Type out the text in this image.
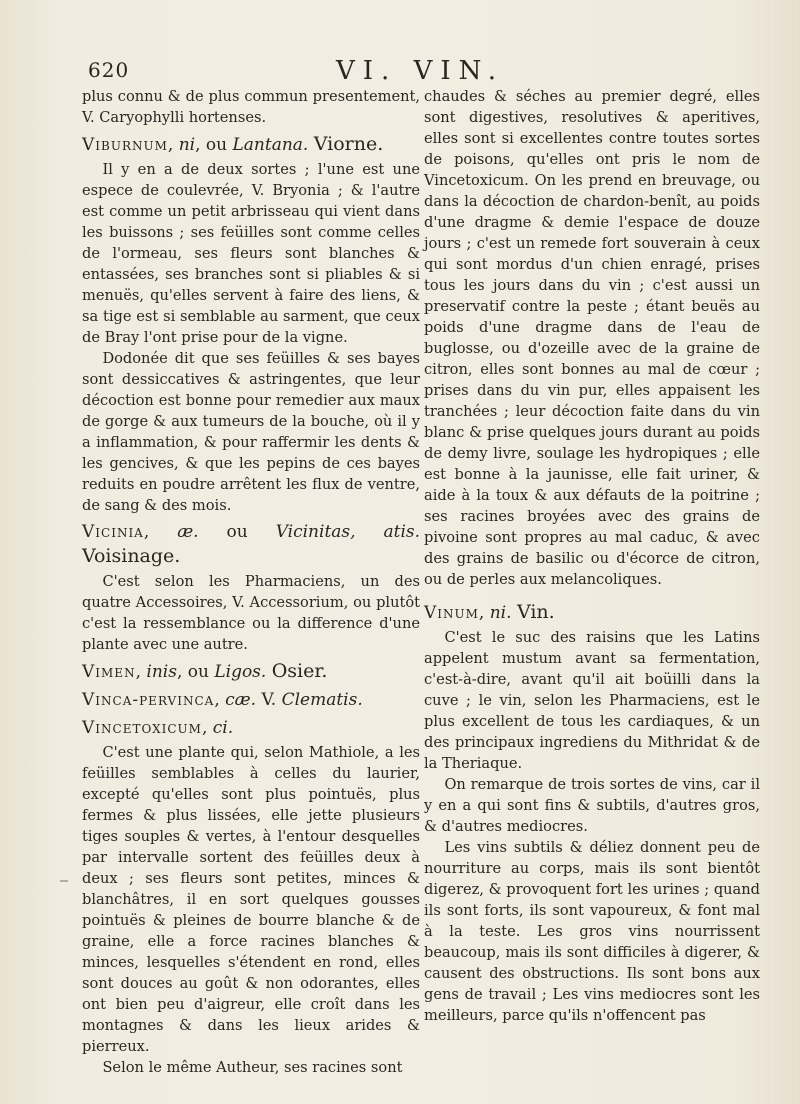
620	VI. VIN.

plus connu & de plus commun presentement, V. Caryophylli hortenses.

Viburnum, ni, ou Lantana. Viorne.

Il y en a de deux sortes ; l'une est une espece de coulevrée, V. Bryonia ; & l'autre est comme un petit arbrisseau qui vient dans les buissons ; ses feüilles sont comme celles de l'ormeau, ses fleurs sont blanches & entassées, ses branches sont si pliables & si menuës, qu'elles servent à faire des liens, & sa tige est si semblable au sarment, que ceux de Bray l'ont prise pour de la vigne.

Dodonée dit que ses feüilles & ses bayes sont dessiccatives & astringentes, que leur décoction est bonne pour remedier aux maux de gorge & aux tumeurs de la bouche, où il y a inflammation, & pour raffermir les dents & les gencives, & que les pepins de ces bayes reduits en poudre arrêtent les flux de ventre, de sang & des mois.

Vicinia, æ. ou Vicinitas, atis. Voisinage.

C'est selon les Pharmaciens, un des quatre Accessoires, V. Accessorium, ou plutôt c'est la ressemblance ou la difference d'une plante avec une autre.

Vimen, inis, ou Ligos. Osier.
Vinca-pervinca, cæ. V. Clematis.
Vincetoxicum, ci.

C'est une plante qui, selon Mathiole, a les feüilles semblables à celles du laurier, excepté qu'elles sont plus pointuës, plus fermes & plus lissées, elle jette plusieurs tiges souples & vertes, à l'entour desquelles par intervalle sortent des feüilles deux à deux ; ses fleurs sont petites, minces & blanchâtres, il en sort quelques gousses pointuës & pleines de bourre blanche & de graine, elle a force racines blanches & minces, lesquelles s'étendent en rond, elles sont douces au goût & non odorantes, elles ont bien peu d'aigreur, elle croît dans les montagnes & dans les lieux arides & pierreux.

Selon le même Autheur, ses racines sont

chaudes & séches au premier degré, elles sont digestives, resolutives & aperitives, elles sont si excellentes contre toutes sortes de poisons, qu'elles ont pris le nom de Vincetoxicum. On les prend en breuvage, ou dans la décoction de chardon-benît, au poids d'une dragme & demie l'espace de douze jours ; c'est un remede fort souverain à ceux qui sont mordus d'un chien enragé, prises tous les jours dans du vin ; c'est aussi un preservatif contre la peste ; étant beuës au poids d'une dragme dans de l'eau de buglosse, ou d'ozeille avec de la graine de citron, elles sont bonnes au mal de cœur ; prises dans du vin pur, elles appaisent les tranchées ; leur décoction faite dans du vin blanc & prise quelques jours durant au poids de demy livre, soulage les hydropiques ; elle est bonne à la jaunisse, elle fait uriner, & aide à la toux & aux défauts de la poitrine ; ses racines broyées avec des grains de pivoine sont propres au mal caduc, & avec des grains de basilic ou d'écorce de citron, ou de perles aux melancoliques.

Vinum, ni. Vin.

C'est le suc des raisins que les Latins appelent mustum avant sa fermentation, c'est-à-dire, avant qu'il ait boüilli dans la cuve ; le vin, selon les Pharmaciens, est le plus excellent de tous les cardiaques, & un des principaux ingrediens du Mithridat & de la Theriaque.

On remarque de trois sortes de vins, car il y en a qui sont fins & subtils, d'autres gros, & d'autres mediocres.

Les vins subtils & déliez donnent peu de nourriture au corps, mais ils sont bientôt digerez, & provoquent fort les urines ; quand ils sont forts, ils sont vapoureux, & font mal à la teste. Les gros vins nourrissent beaucoup, mais ils sont difficiles à digerer, & causent des obstructions. Ils sont bons aux gens de travail ; Les vins mediocres sont les meilleurs, parce qu'ils n'offencent pas
